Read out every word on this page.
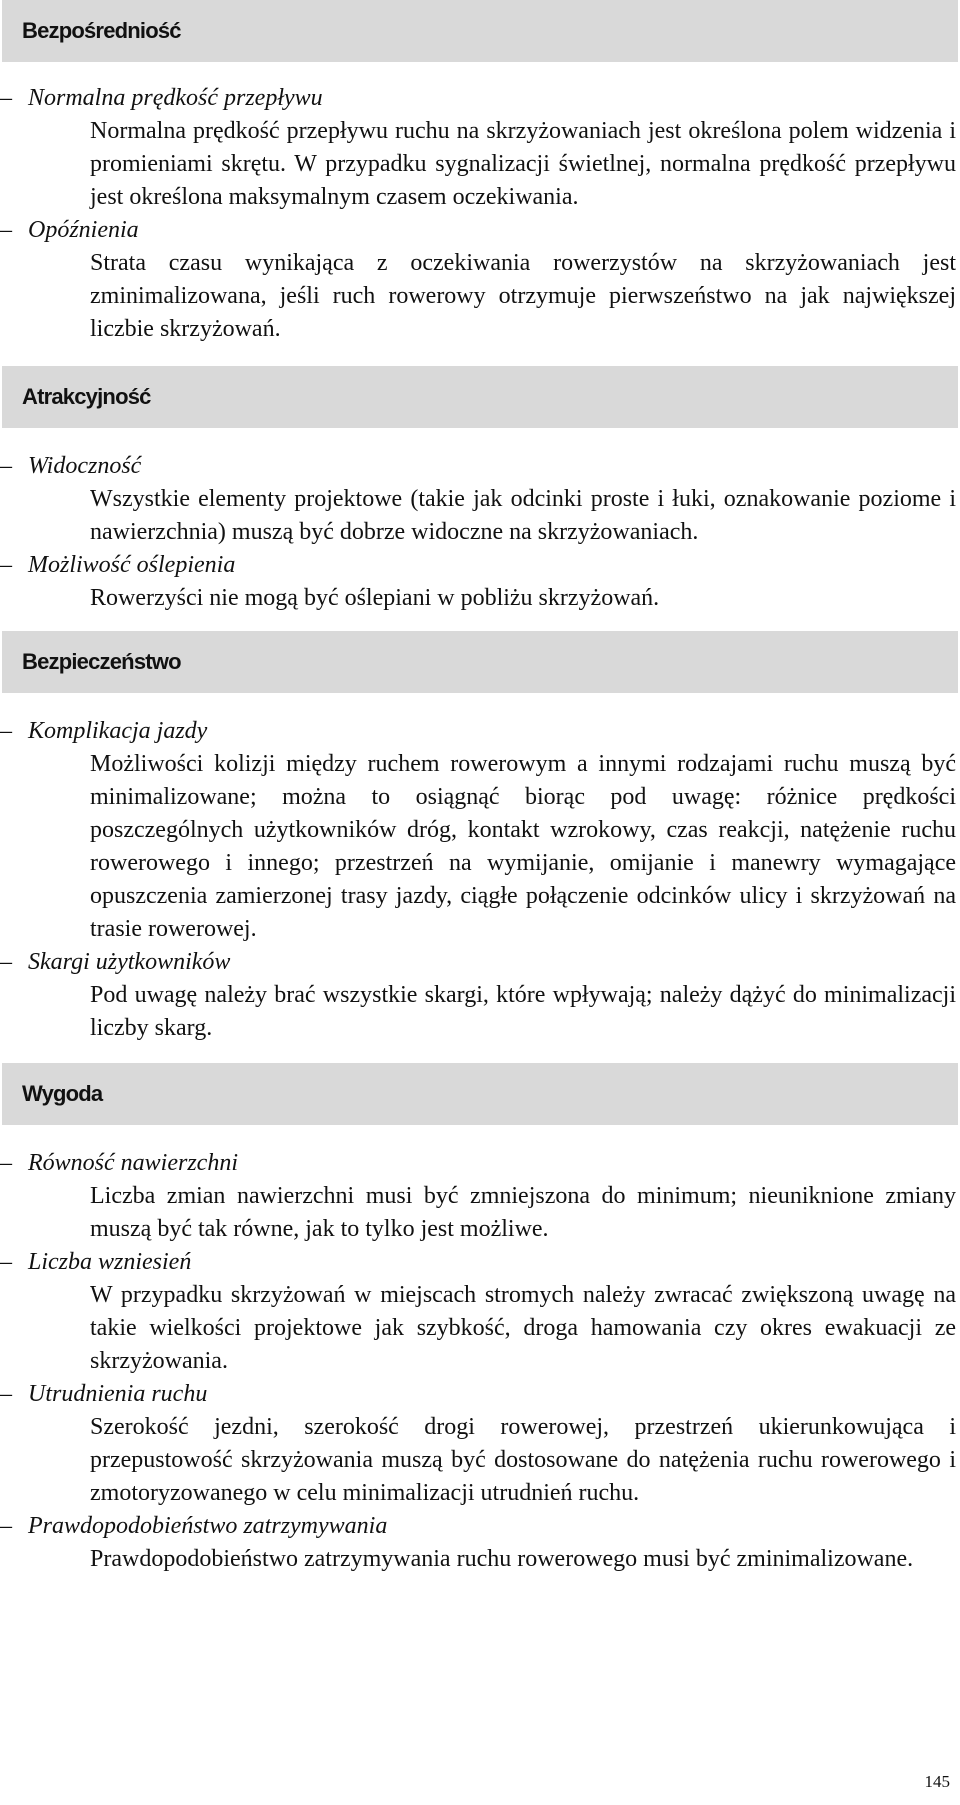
Bezpośredniość

– Normalna prędkość przepływu

Normalna prędkość przepływu ruchu na skrzyżowaniach jest określona polem widzenia i promieniami skrętu. W przypadku sygnalizacji świetlnej, normalna prędkość przepływu jest określona maksymalnym czasem oczekiwania.

– Opóźnienia

Strata czasu wynikająca z oczekiwania rowerzystów na skrzyżowaniach jest zminimalizowana, jeśli ruch rowerowy otrzymuje pierwszeństwo na jak największej liczbie skrzyżowań.

Atrakcyjność

– Widoczność

Wszystkie elementy projektowe (takie jak odcinki proste i łuki, oznakowanie poziome i nawierzchnia) muszą być dobrze widoczne na skrzyżowaniach.

– Możliwość oślepienia

Rowerzyści nie mogą być oślepiani w pobliżu skrzyżowań.

Bezpieczeństwo

– Komplikacja jazdy

Możliwości kolizji między ruchem rowerowym a innymi rodzajami ruchu muszą być minimalizowane; można to osiągnąć biorąc pod uwagę: różnice prędkości poszczególnych użytkowników dróg, kontakt wzrokowy, czas reakcji, natężenie ruchu rowerowego i innego; przestrzeń na wymijanie, omijanie i manewry wymagające opuszczenia zamierzonej trasy jazdy, ciągłe połączenie odcinków ulicy i skrzyżowań na trasie rowerowej.

– Skargi użytkowników

Pod uwagę należy brać wszystkie skargi, które wpływają; należy dążyć do minimalizacji liczby skarg.

Wygoda

– Równość nawierzchni

Liczba zmian nawierzchni musi być zmniejszona do minimum; nieuniknione zmiany muszą być tak równe, jak to tylko jest możliwe.

– Liczba wzniesień

W przypadku skrzyżowań w miejscach stromych należy zwracać zwiększoną uwagę na takie wielkości projektowe jak szybkość, droga hamowania czy okres ewakuacji ze skrzyżowania.

– Utrudnienia ruchu

Szerokość jezdni, szerokość drogi rowerowej, przestrzeń ukierunkowująca i przepustowość skrzyżowania muszą być dostosowane do natężenia ruchu rowerowego i zmotoryzowanego w celu minimalizacji utrudnień ruchu.

– Prawdopodobieństwo zatrzymywania

Prawdopodobieństwo zatrzymywania ruchu rowerowego musi być zminimalizowane.

145
